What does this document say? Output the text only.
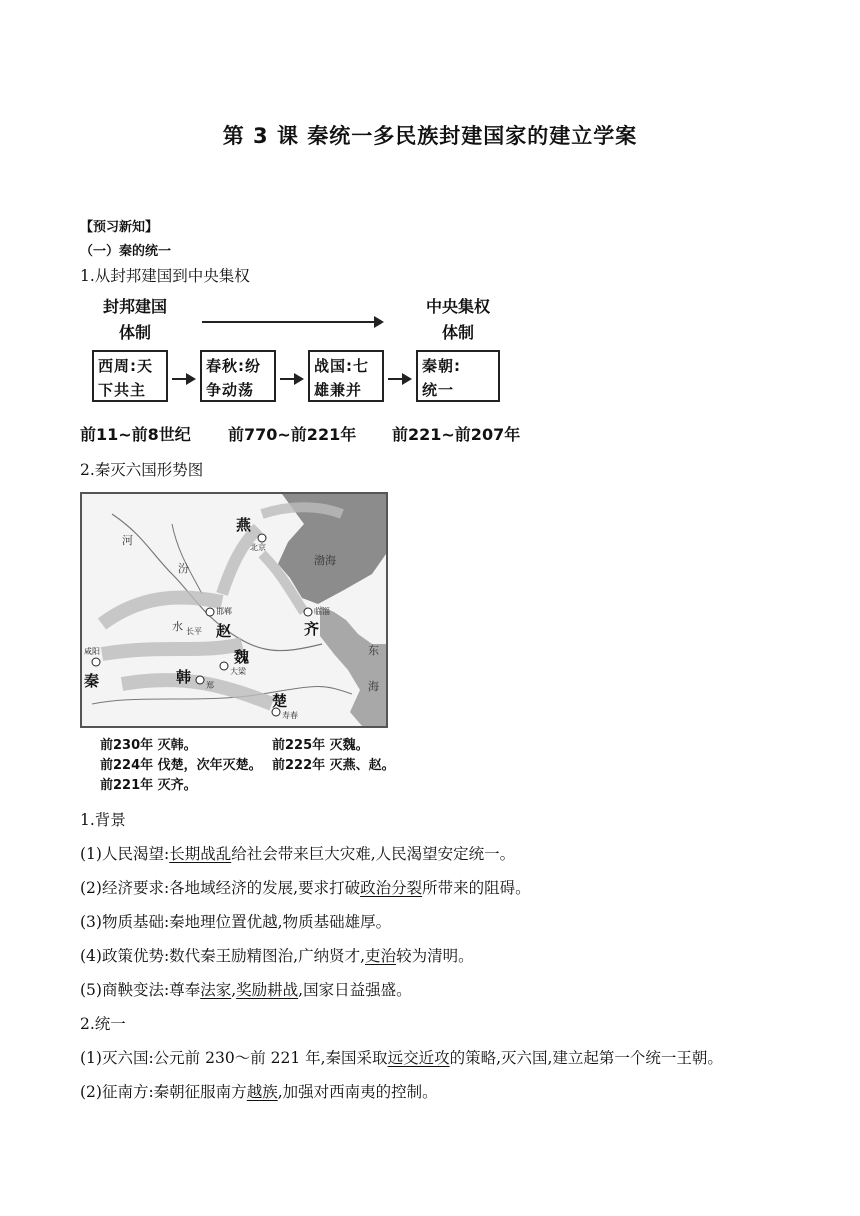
第 3 课 秦统一多民族封建国家的建立学案
【预习新知】
（一）秦的统一
1.从封邦建国到中央集权
封邦建国
体制
中央集权
体制
西周:天
下共主
春秋:纷
争动荡
战国:七
雄兼并
秦朝:
统一
前11~前8世纪 前770~前221年 前221~前207年
2.秦灭六国形势图
燕
赵	齐
魏
韩
秦
楚
北京
邯郸	临淄
大梁
郑
咸阳
寿春
长平
渤海
东
海
河
汾
水
前230年 灭韩。	前225年 灭魏。
前224年 伐楚，次年灭楚。 前222年 灭燕、赵。
前221年 灭齐。
1.背景
(1)人民渴望:长期战乱给社会带来巨大灾难,人民渴望安定统一。
(2)经济要求:各地域经济的发展,要求打破政治分裂所带来的阻碍。
(3)物质基础:秦地理位置优越,物质基础雄厚。
(4)政策优势:数代秦王励精图治,广纳贤才,吏治较为清明。
(5)商鞅变法:尊奉法家,奖励耕战,国家日益强盛。
2.统一
(1)灭六国:公元前 230～前 221 年,秦国采取远交近攻的策略,灭六国,建立起第一个统一王朝。
(2)征南方:秦朝征服南方越族,加强对西南夷的控制。
